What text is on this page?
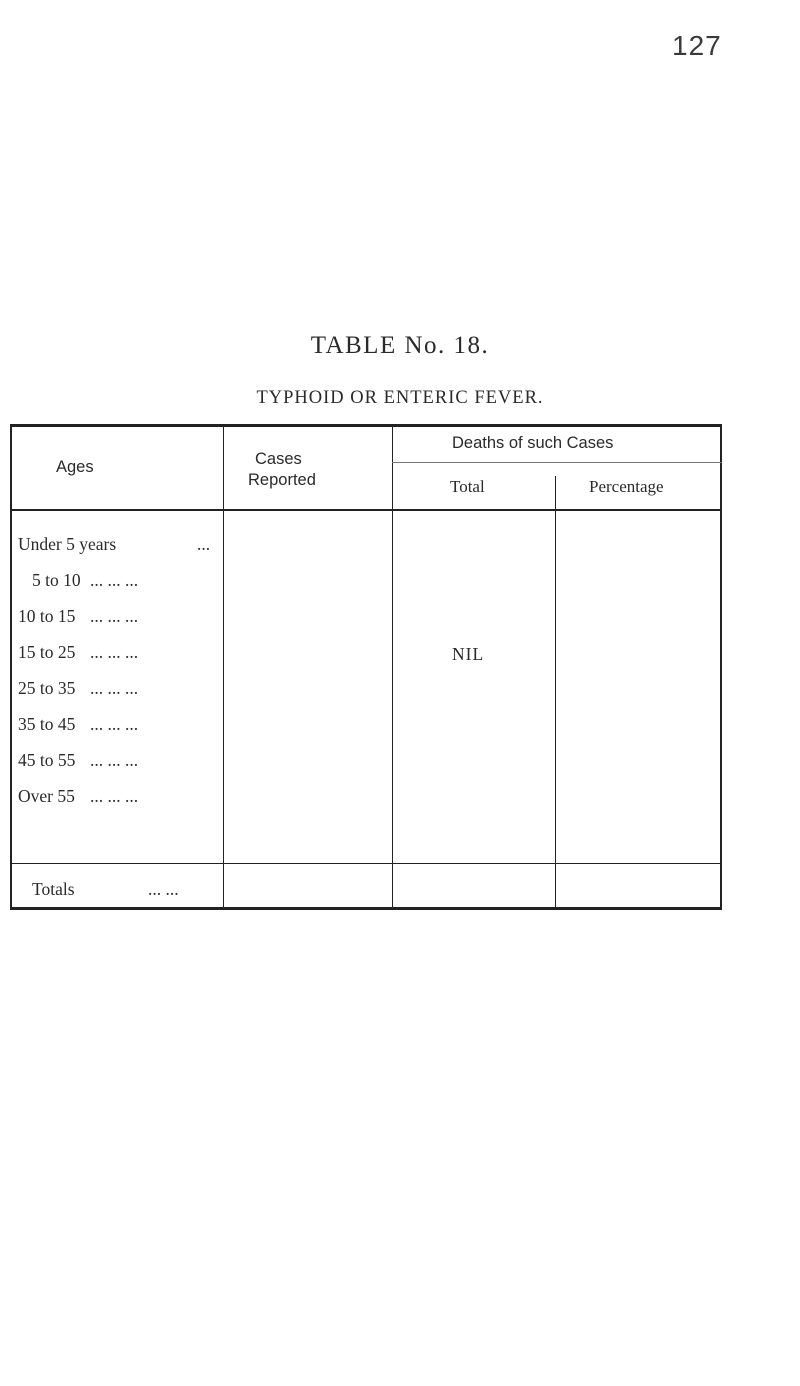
127
TABLE No. 18.
TYPHOID OR ENTERIC FEVER.
Ages	Cases
Reported
Deaths of such Cases
Total	Percentage
Under 5 years	...
5 to 10 ... ... ...
10 to 15 ... ... ...
15 to 25 ... ... ...
25 to 35 ... ... ...
35 to 45 ... ... ...
45 to 55 ... ... ...
Over 55 ... ... ...
NIL
Totals	... ...
